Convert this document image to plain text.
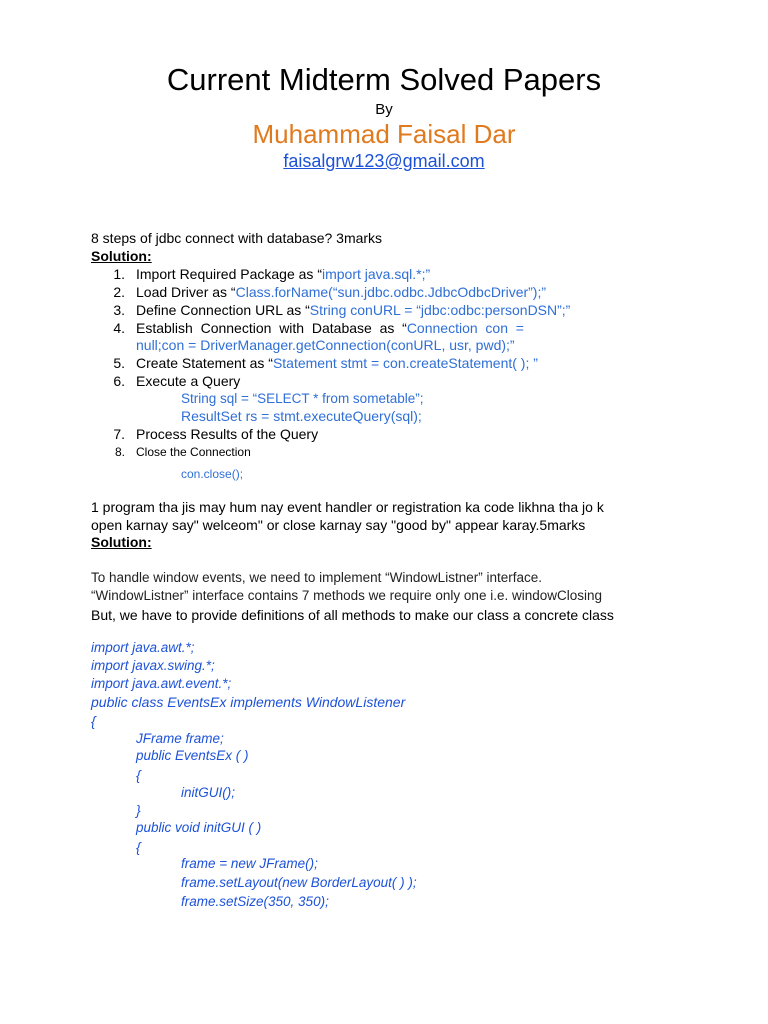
Current Midterm Solved Papers
By
Muhammad Faisal Dar
faisalgrw123@gmail.com
8 steps of jdbc connect with database? 3marks
Solution:
1. Import Required Package as “import java.sql.*;”
2. Load Driver as “Class.forName(“sun.jdbc.odbc.JdbcOdbcDriver”);”
3. Define Connection URL as “String conURL = “jdbc:odbc:personDSN”;”
4. Establish  Connection  with  Database  as  “Connection  con  =
null;con = DriverManager.getConnection(conURL, usr, pwd);”
5. Create Statement as “Statement stmt = con.createStatement( ); ”
6. Execute a Query
String sql = “SELECT * from sometable”;
ResultSet rs = stmt.executeQuery(sql);
7. Process Results of the Query
8. Close the Connection
con.close();
1 program tha jis may hum nay event handler or registration ka code likhna tha jo k
open karnay say" welceom" or close karnay say "good by" appear karay.5marks
Solution:
To handle window events, we need to implement “WindowListner” interface.
“WindowListner” interface contains 7 methods we require only one i.e. windowClosing
But, we have to provide definitions of all methods to make our class a concrete class
import java.awt.*;
import javax.swing.*;
import java.awt.event.*;
public class EventsEx implements WindowListener
{
JFrame frame;
public EventsEx ( )
{
initGUI();
}
public void initGUI ( )
{
frame = new JFrame();
frame.setLayout(new BorderLayout( ) );
frame.setSize(350, 350);
